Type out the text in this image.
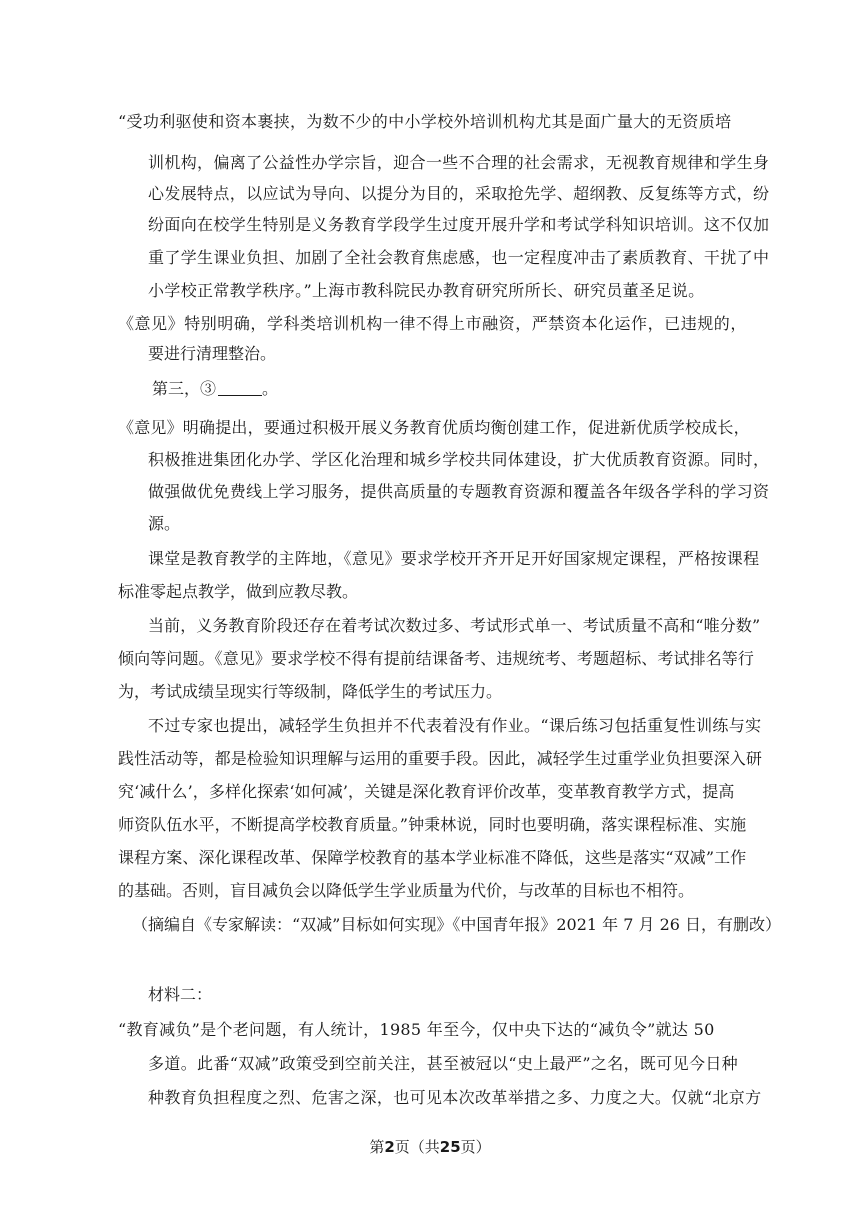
“受功利驱使和资本裹挟，为数不少的中小学校外培训机构尤其是面广量大的无资质培
训机构，偏离了公益性办学宗旨，迎合一些不合理的社会需求，无视教育规律和学生身
心发展特点，以应试为导向、以提分为目的，采取抢先学、超纲教、反复练等方式，纷
纷面向在校学生特别是义务教育学段学生过度开展升学和考试学科知识培训。这不仅加
重了学生课业负担、加剧了全社会教育焦虑感，也一定程度冲击了素质教育、干扰了中
小学校正常教学秩序。”上海市教科院民办教育研究所所长、研究员董圣足说。
《意见》特别明确，学科类培训机构一律不得上市融资，严禁资本化运作，已违规的，
要进行清理整治。
第三，③	。
《意见》明确提出，要通过积极开展义务教育优质均衡创建工作，促进新优质学校成长，
积极推进集团化办学、学区化治理和城乡学校共同体建设，扩大优质教育资源。同时，
做强做优免费线上学习服务，提供高质量的专题教育资源和覆盖各年级各学科的学习资
源。
课堂是教育教学的主阵地，《意见》要求学校开齐开足开好国家规定课程，严格按课程
标准零起点教学，做到应教尽教。
当前，义务教育阶段还存在着考试次数过多、考试形式单一、考试质量不高和“唯分数”
倾向等问题。《意见》要求学校不得有提前结课备考、违规统考、考题超标、考试排名等行
为，考试成绩呈现实行等级制，降低学生的考试压力。
不过专家也提出，减轻学生负担并不代表着没有作业。“课后练习包括重复性训练与实
践性活动等，都是检验知识理解与运用的重要手段。因此，减轻学生过重学业负担要深入研
究‘减什么’，多样化探索‘如何减’，关键是深化教育评价改革，变革教育教学方式，提高
师资队伍水平，不断提高学校教育质量。”钟秉林说，同时也要明确，落实课程标准、实施
课程方案、深化课程改革、保障学校教育的基本学业标准不降低，这些是落实“双减”工作
的基础。否则，盲目减负会以降低学生学业质量为代价，与改革的目标也不相符。
（摘编自《专家解读：“双减”目标如何实现》《中国青年报》2021 年 7 月 26 日，有删改）
材料二：
“教育减负”是个老问题，有人统计，1985 年至今，仅中央下达的“减负令”就达 50
多道。此番“双减”政策受到空前关注，甚至被冠以“史上最严”之名，既可见今日种
种教育负担程度之烈、危害之深，也可见本次改革举措之多、力度之大。仅就“北京方
第2页（共25页）
